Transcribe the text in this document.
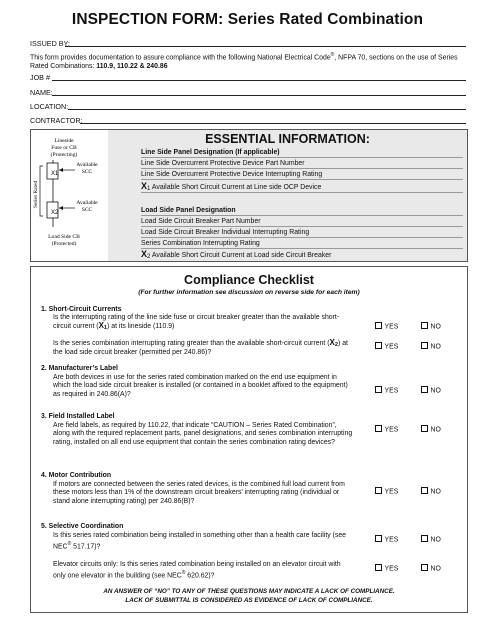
INSPECTION FORM: Series Rated Combination
ISSUED BY:
This form provides documentation to assure compliance with the following National Electrical Code®, NFPA 70, sections on the use of Series Rated Combinations: 110.9, 110.22 & 240.86
JOB #
NAME:
LOCATION:
CONTRACTOR:
Lineside
Fuse or CB
(Protecting)
X1
Available
SCC
X2
Available
SCC
Series Rated
Load Side CB
(Protected)
ESSENTIAL INFORMATION:
Line Side Panel Designation (If applicable)
Line Side Overcurrent Protective Device Part Number
Line Side Overcurrent Protective Device Interrupting Rating
X1 Available Short Circuit Current at Line side OCP Device
Load Side Panel Designation
Load Side Circuit Breaker Part Number
Load Side Circuit Breaker Individual Interrupting Rating
Series Combination Interrupting Rating
X2 Available Short Circuit Current at Load side Circuit Breaker
Compliance Checklist
(For further information see discussion on reverse side for each item)
1. Short-Circuit Currents
Is the interrupting rating of the line side fuse or circuit breaker greater than the available short-circuit current (X1) at its lineside (110.9)	YES	NO
Is the series combination interrupting rating greater than the available short-circuit current (X2) at the load side circuit breaker (permitted per 240.86)?
YES	NO
2. Manufacturer’s Label
Are both devices in use for the series rated combination marked on the end use equipment in which the load side circuit breaker is installed (or contained in a booklet affixed to the equipment) as required in 240.86(A)?	YES	NO
3. Field Installed Label
Are field labels, as required by 110.22, that indicate “CAUTION – Series Rated Combination”, along with the required replacement parts, panel designations, and series combination interrupting rating, installed on all end use equipment that contain the series combination rating devices?
YES	NO
4. Motor Contribution
If motors are connected between the series rated devices, is the combined full load current from these motors less than 1% of the downstream circuit breakers’ interrupting rating (individual or stand alone interrupting rating) per 240.86(B)?
YES	NO
5. Selective Coordination
Is this series rated combination being installed in something other than a health care facility (see NEC® 517.17)?
YES	NO
Elevator circuits only: Is this series rated combination being installed on an elevator circuit with only one elevator in the building (see NEC® 620.62)?
YES	NO
AN ANSWER OF “NO” TO ANY OF THESE QUESTIONS MAY INDICATE A LACK OF COMPLIANCE.
LACK OF SUBMITTAL IS CONSIDERED AS EVIDENCE OF LACK OF COMPLIANCE.
